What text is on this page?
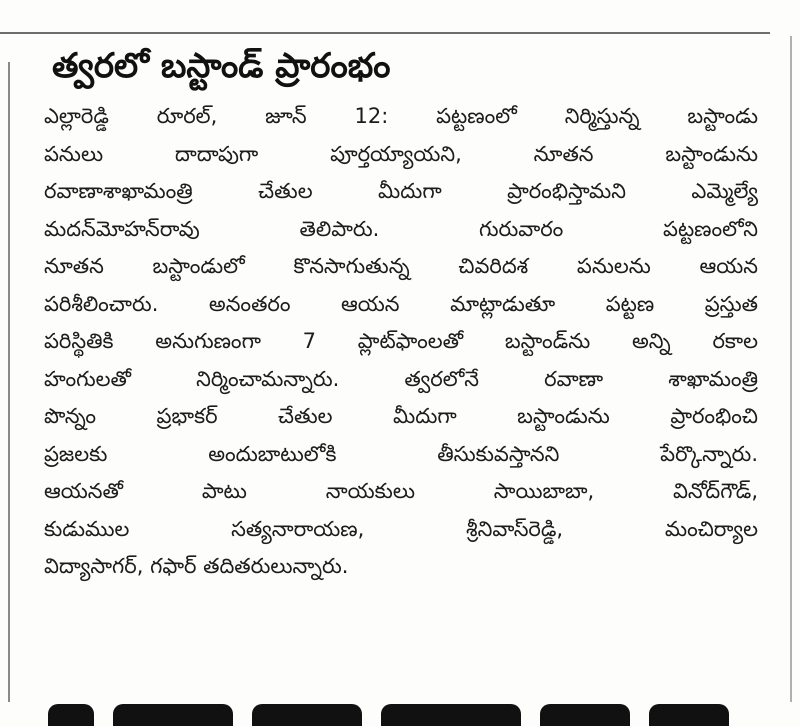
త్వరలో బస్టాండ్ ప్రారంభం
ఎల్లారెడ్డి రూరల్, జూన్ 12: పట్టణంలో నిర్మిస్తున్న బస్టాండు
పనులు దాదాపుగా పూర్తయ్యాయని, నూతన బస్టాండును
రవాణాశాఖామంత్రి చేతుల మీదుగా ప్రారంభిస్తామని ఎమ్మెల్యే
మదన్‌మోహన్‌రావు తెలిపారు. గురువారం పట్టణంలోని
నూతన బస్టాండులో కొనసాగుతున్న చివరిదశ పనులను ఆయన
పరిశీలించారు. అనంతరం ఆయన మాట్లాడుతూ పట్టణ ప్రస్తుత
పరిస్థితికి అనుగుణంగా 7 ప్లాట్‌ఫాంలతో బస్టాండ్‌ను అన్ని రకాల
హంగులతో నిర్మించామన్నారు. త్వరలోనే రవాణా శాఖామంత్రి
పొన్నం ప్రభాకర్ చేతుల మీదుగా బస్టాండును ప్రారంభించి
ప్రజలకు అందుబాటులోకి తీసుకువస్తానని పేర్కొన్నారు.
ఆయనతో పాటు నాయకులు సాయిబాబా, వినోద్‌గౌడ్,
కుడుముల సత్యనారాయణ, శ్రీనివాస్‌రెడ్డి, మంచిర్యాల
విద్యాసాగర్, గఫార్ తదితరులున్నారు.
